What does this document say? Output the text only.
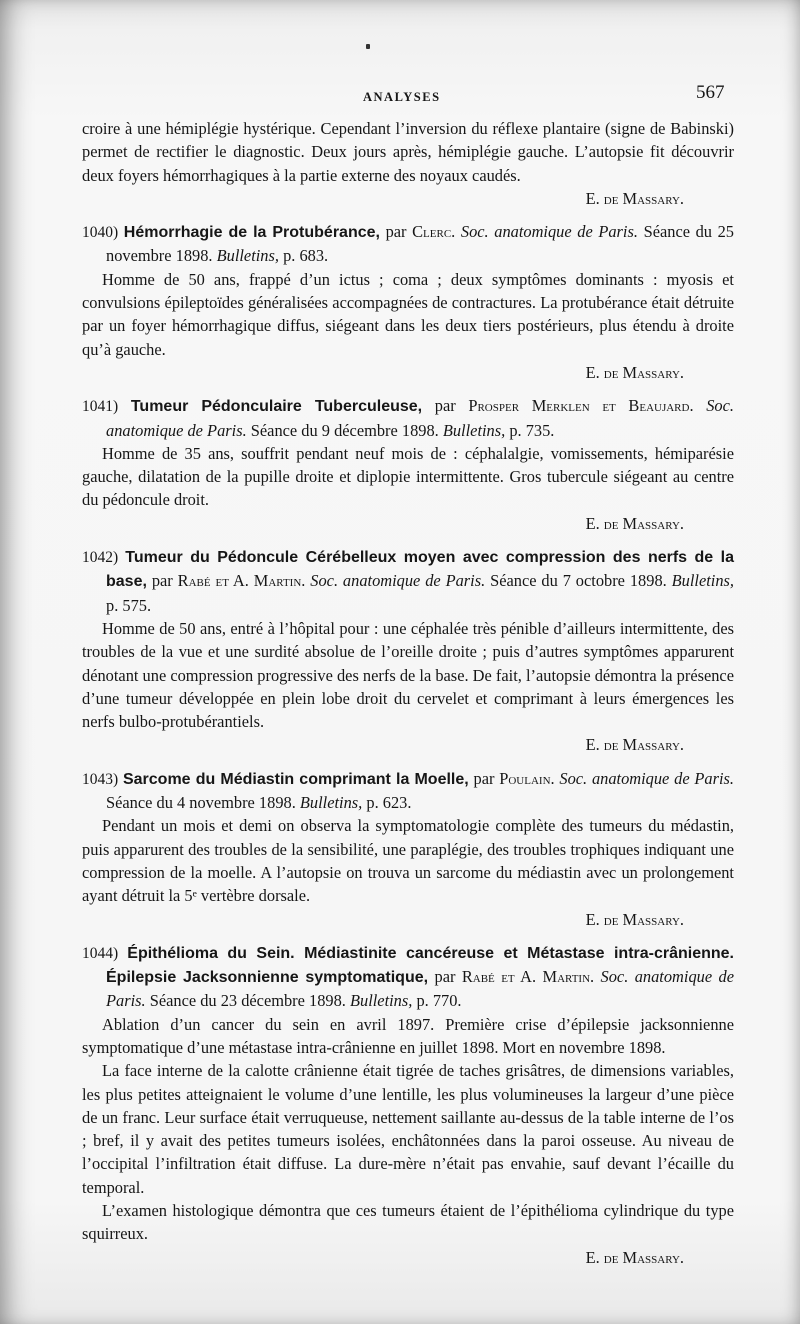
ANALYSES	567

croire à une hémiplégie hystérique. Cependant l’inversion du réflexe plantaire (signe de Babinski) permet de rectifier le diagnostic. Deux jours après, hémiplégie gauche. L’autopsie fit découvrir deux foyers hémorrhagiques à la partie externe des noyaux caudés.
E. de Massary.

1040) Hémorrhagie de la Protubérance, par Clerc. Soc. anatomique de Paris. Séance du 25 novembre 1898. Bulletins, p. 683.

Homme de 50 ans, frappé d’un ictus ; coma ; deux symptômes dominants : myosis et convulsions épileptoïdes généralisées accompagnées de contractures. La protubérance était détruite par un foyer hémorrhagique diffus, siégeant dans les deux tiers postérieurs, plus étendu à droite qu’à gauche.
E. de Massary.

1041) Tumeur Pédonculaire Tuberculeuse, par Prosper Merklen et Beaujard. Soc. anatomique de Paris. Séance du 9 décembre 1898. Bulletins, p. 735.

Homme de 35 ans, souffrit pendant neuf mois de : céphalalgie, vomissements, hémiparésie gauche, dilatation de la pupille droite et diplopie intermittente. Gros tubercule siégeant au centre du pédoncule droit.
E. de Massary.

1042) Tumeur du Pédoncule Cérébelleux moyen avec compression des nerfs de la base, par Rabé et A. Martin. Soc. anatomique de Paris. Séance du 7 octobre 1898. Bulletins, p. 575.

Homme de 50 ans, entré à l’hôpital pour : une céphalée très pénible d’ailleurs intermittente, des troubles de la vue et une surdité absolue de l’oreille droite ; puis d’autres symptômes apparurent dénotant une compression progressive des nerfs de la base. De fait, l’autopsie démontra la présence d’une tumeur développée en plein lobe droit du cervelet et comprimant à leurs émergences les nerfs bulbo-protubérantiels.
E. de Massary.

1043) Sarcome du Médiastin comprimant la Moelle, par Poulain. Soc. anatomique de Paris. Séance du 4 novembre 1898. Bulletins, p. 623.

Pendant un mois et demi on observa la symptomatologie complète des tumeurs du médastin, puis apparurent des troubles de la sensibilité, une paraplégie, des troubles trophiques indiquant une compression de la moelle. A l’autopsie on trouva un sarcome du médiastin avec un prolongement ayant détruit la 5ᵉ vertèbre dorsale.
E. de Massary.

1044) Épithélioma du Sein. Médiastinite cancéreuse et Métastase intra-crânienne. Épilepsie Jacksonnienne symptomatique, par Rabé et A. Martin. Soc. anatomique de Paris. Séance du 23 décembre 1898. Bulletins, p. 770.

Ablation d’un cancer du sein en avril 1897. Première crise d’épilepsie jacksonnienne symptomatique d’une métastase intra-crânienne en juillet 1898. Mort en novembre 1898.

La face interne de la calotte crânienne était tigrée de taches grisâtres, de dimensions variables, les plus petites atteignaient le volume d’une lentille, les plus volumineuses la largeur d’une pièce de un franc. Leur surface était verruqueuse, nettement saillante au-dessus de la table interne de l’os ; bref, il y avait des petites tumeurs isolées, enchâtonnées dans la paroi osseuse. Au niveau de l’occipital l’infiltration était diffuse. La dure-mère n’était pas envahie, sauf devant l’écaille du temporal.

L’examen histologique démontra que ces tumeurs étaient de l’épithélioma cylindrique du type squirreux.
E. de Massary.
